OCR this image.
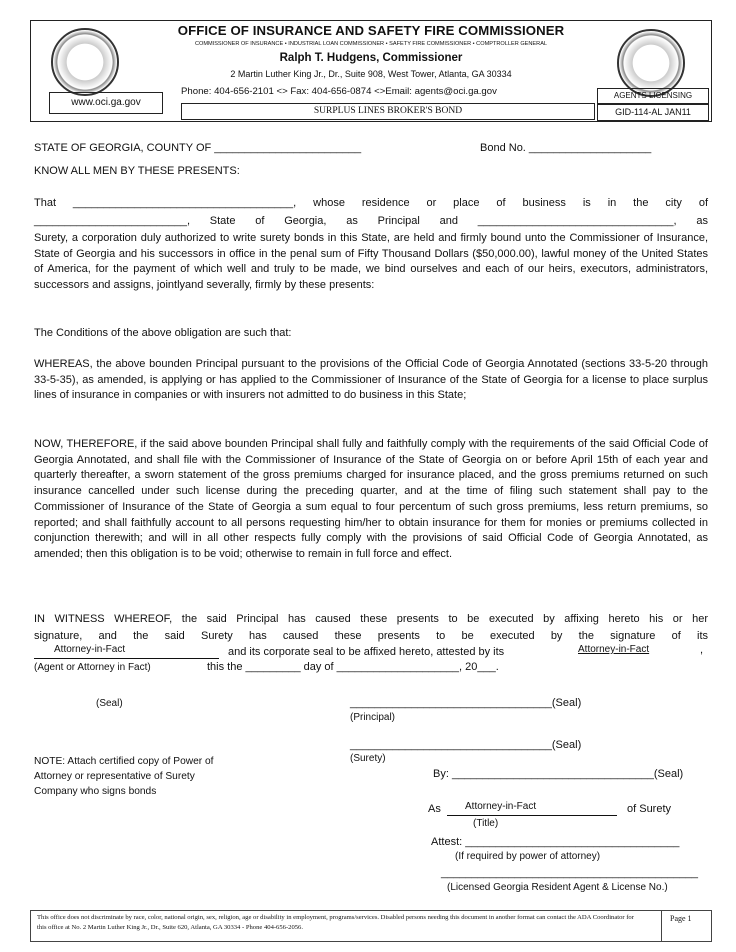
OFFICE OF INSURANCE AND SAFETY FIRE COMMISSIONER
COMMISSIONER OF INSURANCE • INDUSTRIAL LOAN COMMISSIONER • SAFETY FIRE COMMISSIONER • COMPTROLLER GENERAL
Ralph T. Hudgens, Commissioner
2 Martin Luther King Jr., Dr., Suite 908, West Tower, Atlanta, GA 30334
Phone: 404-656-2101 <> Fax: 404-656-0874 <>Email: agents@oci.ga.gov
www.oci.ga.gov
SURPLUS LINES BROKER'S BOND
AGENTS LICENSING
GID-114-AL JAN11
STATE OF GEORGIA, COUNTY OF ________________________	Bond No. ____________________
KNOW ALL MEN BY THESE PRESENTS:
That ____________________________________, whose residence or place of business is in the city of
_________________________, State of Georgia, as Principal and ________________________________, as
Surety, a corporation duly authorized to write surety bonds in this State, are held and firmly bound unto the Commissioner of Insurance, State of Georgia and his successors in office in the penal sum of Fifty Thousand Dollars ($50,000.00), lawful money of the United States of America, for the payment of which well and truly to be made, we bind ourselves and each of our heirs, executors, administrators, successors and assigns, jointlyand severally, firmly by these presents:
The Conditions of the above obligation are such that:
WHEREAS, the above bounden Principal pursuant to the provisions of the Official Code of Georgia Annotated (sections 33-5-20 through 33-5-35), as amended, is applying or has applied to the Commissioner of Insurance of the State of Georgia for a license to place surplus lines of insurance in companies or with insurers not admitted to do business in this State;
NOW, THEREFORE, if the said above bounden Principal shall fully and faithfully comply with the requirements of the said Official Code of Georgia Annotated, and shall file with the Commissioner of Insurance of the State of Georgia on or before April 15th of each year and quarterly thereafter, a sworn statement of the gross premiums charged for insurance placed, and the gross premiums returned on such insurance cancelled under such license during the preceding quarter, and at the time of filing such statement shall pay to the Commissioner of Insurance of the State of Georgia a sum equal to four percentum of such gross premiums, less return premiums, so reported; and shall faithfully account to all persons requesting him/her to obtain insurance for them for monies or premiums collected in conjunction therewith; and will in all other respects fully comply with the provisions of said Official Code of Georgia Annotated, as amended; then this obligation is to be void; otherwise to remain in full force and effect.
IN WITNESS WHEREOF, the said Principal has caused these presents to be executed by affixing hereto his or her
signature, and the said Surety has caused these presents to be executed by the signature of its
Attorney-in-Fact	and its corporate seal to be affixed hereto, attested by its	Attorney-in-Fact	,
(Agent or Attorney in Fact)	this the _________ day of ____________________, 20___.
(Seal)	_________________________________(Seal)
(Principal)
_________________________________(Seal)
(Surety)
NOTE: Attach certified copy of Power of Attorney or representative of Surety Company who signs bonds
By: _________________________________(Seal)
As Attorney-in-Fact	of Surety
(Title)
Attest: ___________________________________
(If required by power of attorney)
__________________________________________
(Licensed Georgia Resident Agent & License No.)
This office does not discriminate by race, color, national origin, sex, religion, age or disability in employment, programs/services. Disabled persons needing this document in another format can contact the ADA Coordinator for this office at No. 2 Martin Luther King Jr., Dr., Suite 620, Atlanta, GA 30334 - Phone 404-656-2056.
Page 1
